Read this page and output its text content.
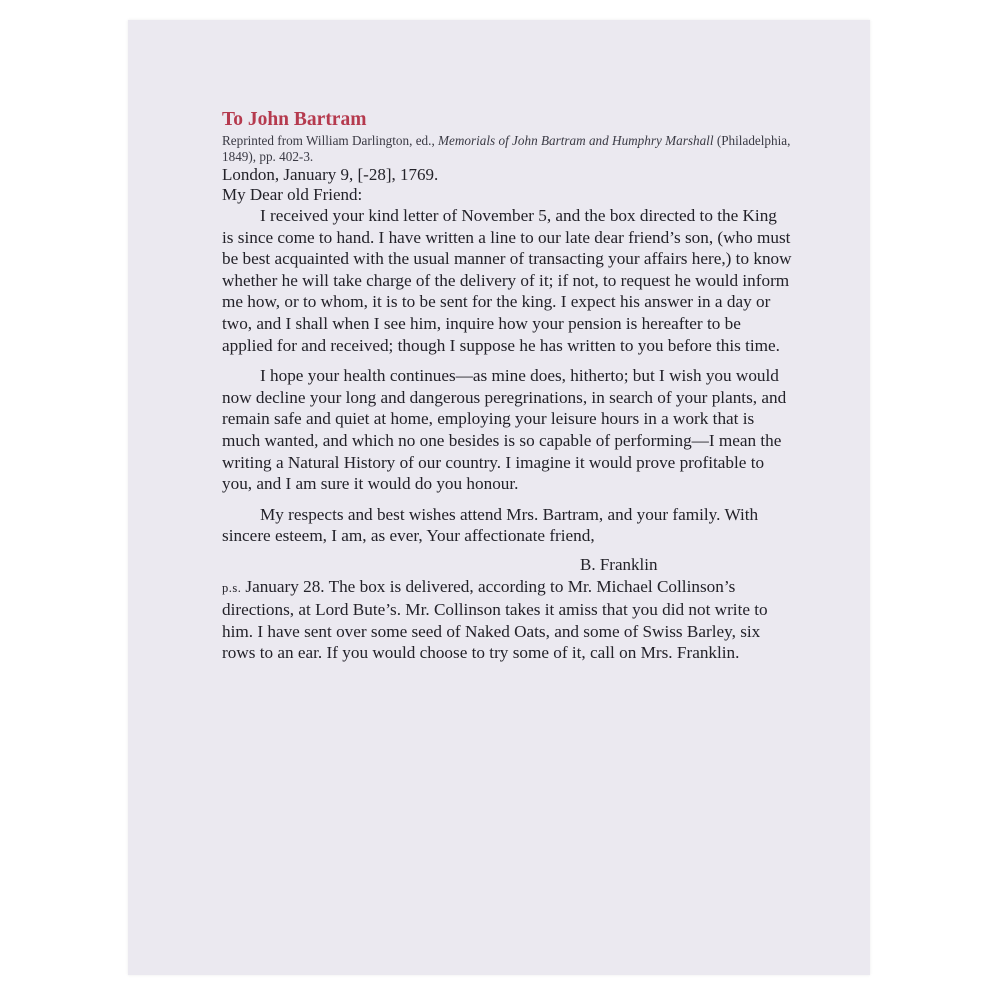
To John Bartram

Reprinted from William Darlington, ed., Memorials of John Bartram and Humphry Marshall (Philadelphia, 1849), pp. 402-3.

London, January 9, [-28], 1769.

My Dear old Friend:

I received your kind letter of November 5, and the box directed to the King is since come to hand. I have written a line to our late dear friend’s son, (who must be best acquainted with the usual manner of transacting your affairs here,) to know whether he will take charge of the delivery of it; if not, to request he would inform me how, or to whom, it is to be sent for the king. I expect his answer in a day or two, and I shall when I see him, inquire how your pension is hereafter to be applied for and received; though I suppose he has written to you before this time.

I hope your health continues—as mine does, hitherto; but I wish you would now decline your long and dangerous peregrinations, in search of your plants, and remain safe and quiet at home, employing your leisure hours in a work that is much wanted, and which no one besides is so capable of performing—I mean the writing a Natural History of our country. I imagine it would prove profitable to you, and I am sure it would do you honour.

My respects and best wishes attend Mrs. Bartram, and your family. With sincere esteem, I am, as ever, Your affectionate friend,

B. Franklin

p.s. January 28. The box is delivered, according to Mr. Michael Collinson’s directions, at Lord Bute’s. Mr. Collinson takes it amiss that you did not write to him. I have sent over some seed of Naked Oats, and some of Swiss Barley, six rows to an ear. If you would choose to try some of it, call on Mrs. Franklin.
